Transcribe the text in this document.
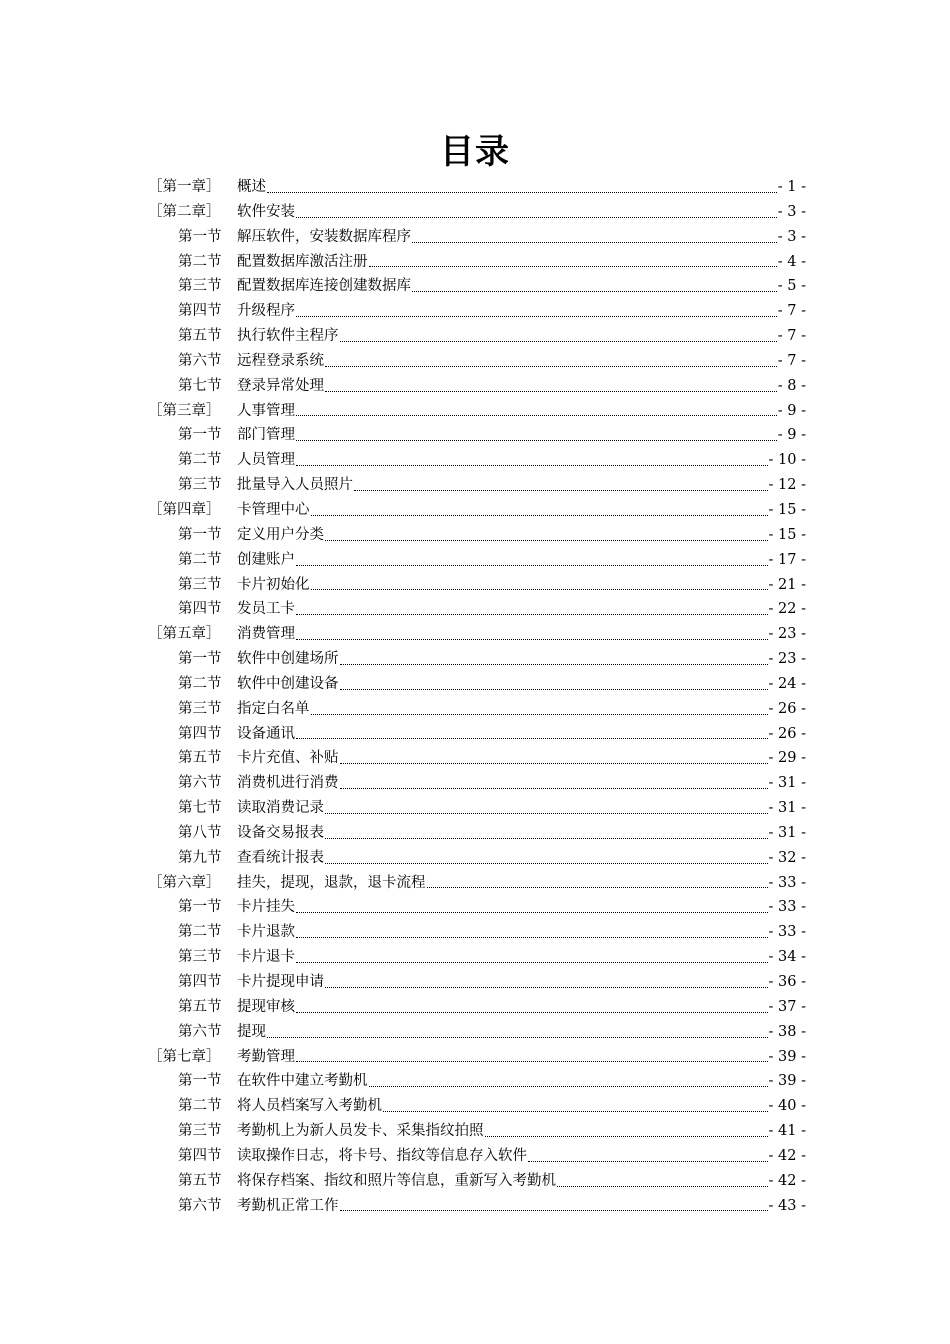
目录
［第一章］	概述	- 1 -
［第二章］	软件安装	- 3 -
第一节	解压软件，安装数据库程序	- 3 -
第二节	配置数据库激活注册	- 4 -
第三节	配置数据库连接创建数据库	- 5 -
第四节	升级程序	- 7 -
第五节	执行软件主程序	- 7 -
第六节	远程登录系统	- 7 -
第七节	登录异常处理	- 8 -
［第三章］	人事管理	- 9 -
第一节	部门管理	- 9 -
第二节	人员管理	- 10 -
第三节	批量导入人员照片	- 12 -
［第四章］	卡管理中心	- 15 -
第一节	定义用户分类	- 15 -
第二节	创建账户	- 17 -
第三节	卡片初始化	- 21 -
第四节	发员工卡	- 22 -
［第五章］	消费管理	- 23 -
第一节	软件中创建场所	- 23 -
第二节	软件中创建设备	- 24 -
第三节	指定白名单	- 26 -
第四节	设备通讯	- 26 -
第五节	卡片充值、补贴	- 29 -
第六节	消费机进行消费	- 31 -
第七节	读取消费记录	- 31 -
第八节	设备交易报表	- 31 -
第九节	查看统计报表	- 32 -
［第六章］	挂失，提现，退款，退卡流程	- 33 -
第一节	卡片挂失	- 33 -
第二节	卡片退款	- 33 -
第三节	卡片退卡	- 34 -
第四节	卡片提现申请	- 36 -
第五节	提现审核	- 37 -
第六节	提现	- 38 -
［第七章］	考勤管理	- 39 -
第一节	在软件中建立考勤机	- 39 -
第二节	将人员档案写入考勤机	- 40 -
第三节	考勤机上为新人员发卡、采集指纹拍照	- 41 -
第四节	读取操作日志，将卡号、指纹等信息存入软件	- 42 -
第五节	将保存档案、指纹和照片等信息，重新写入考勤机	- 42 -
第六节	考勤机正常工作	- 43 -
